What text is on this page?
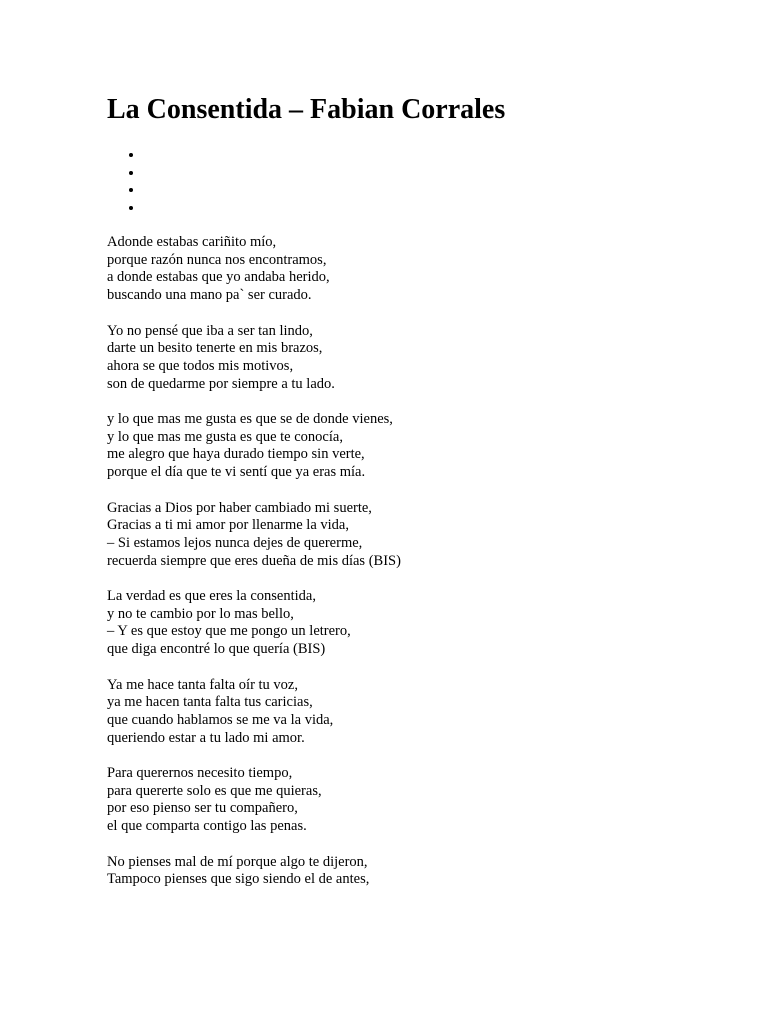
La Consentida – Fabian Corrales

Adonde estabas cariñito mío,
porque razón nunca nos encontramos,
a donde estabas que yo andaba herido,
buscando una mano pa` ser curado.

Yo no pensé que iba a ser tan lindo,
darte un besito tenerte en mis brazos,
ahora se que todos mis motivos,
son de quedarme por siempre a tu lado.

y lo que mas me gusta es que se de donde vienes,
y lo que mas me gusta es que te conocía,
me alegro que haya durado tiempo sin verte,
porque el día que te vi sentí que ya eras mía.

Gracias a Dios por haber cambiado mi suerte,
Gracias a ti mi amor por llenarme la vida,
– Si estamos lejos nunca dejes de quererme,
recuerda siempre que eres dueña de mis días (BIS)

La verdad es que eres la consentida,
y no te cambio por lo mas bello,
– Y es que estoy que me pongo un letrero,
que diga encontré lo que quería (BIS)

Ya me hace tanta falta oír tu voz,
ya me hacen tanta falta tus caricias,
que cuando hablamos se me va la vida,
queriendo estar a tu lado mi amor.

Para querernos necesito tiempo,
para quererte solo es que me quieras,
por eso pienso ser tu compañero,
el que comparta contigo las penas.

No pienses mal de mí porque algo te dijeron,
Tampoco pienses que sigo siendo el de antes,
